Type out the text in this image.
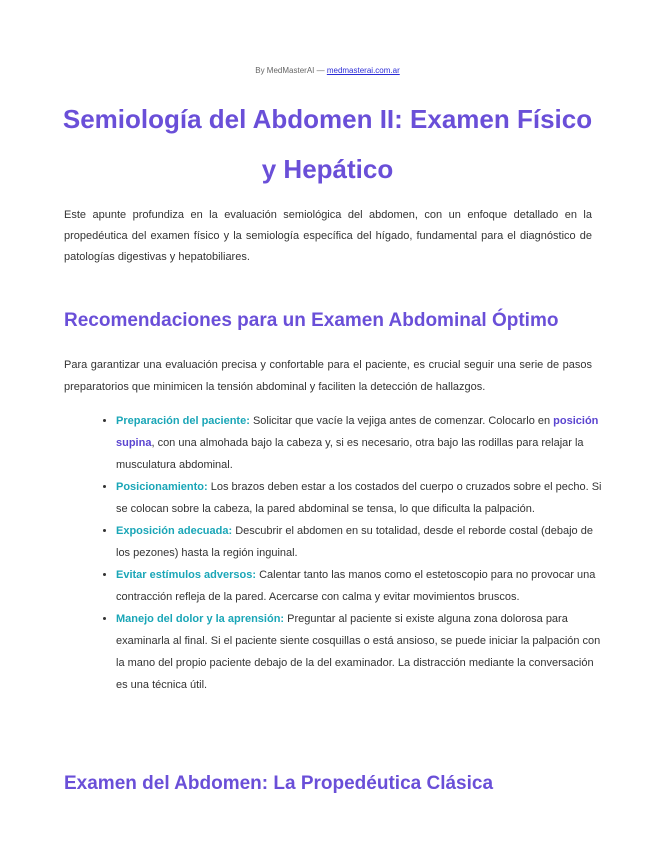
By MedMasterAI — medmasterai.com.ar
Semiología del Abdomen II: Examen Físico y Hepático

Este apunte profundiza en la evaluación semiológica del abdomen, con un enfoque detallado en la propedéutica del examen físico y la semiología específica del hígado, fundamental para el diagnóstico de patologías digestivas y hepatobiliares.

Recomendaciones para un Examen Abdominal Óptimo

Para garantizar una evaluación precisa y confortable para el paciente, es crucial seguir una serie de pasos preparatorios que minimicen la tensión abdominal y faciliten la detección de hallazgos.

• Preparación del paciente: Solicitar que vacíe la vejiga antes de comenzar. Colocarlo en posición supina, con una almohada bajo la cabeza y, si es necesario, otra bajo las rodillas para relajar la musculatura abdominal.
• Posicionamiento: Los brazos deben estar a los costados del cuerpo o cruzados sobre el pecho. Si se colocan sobre la cabeza, la pared abdominal se tensa, lo que dificulta la palpación.
• Exposición adecuada: Descubrir el abdomen en su totalidad, desde el reborde costal (debajo de los pezones) hasta la región inguinal.
• Evitar estímulos adversos: Calentar tanto las manos como el estetoscopio para no provocar una contracción refleja de la pared. Acercarse con calma y evitar movimientos bruscos.
• Manejo del dolor y la aprensión: Preguntar al paciente si existe alguna zona dolorosa para examinarla al final. Si el paciente siente cosquillas o está ansioso, se puede iniciar la palpación con la mano del propio paciente debajo de la del examinador. La distracción mediante la conversación es una técnica útil.
Examen del Abdomen: La Propedéutica Clásica
